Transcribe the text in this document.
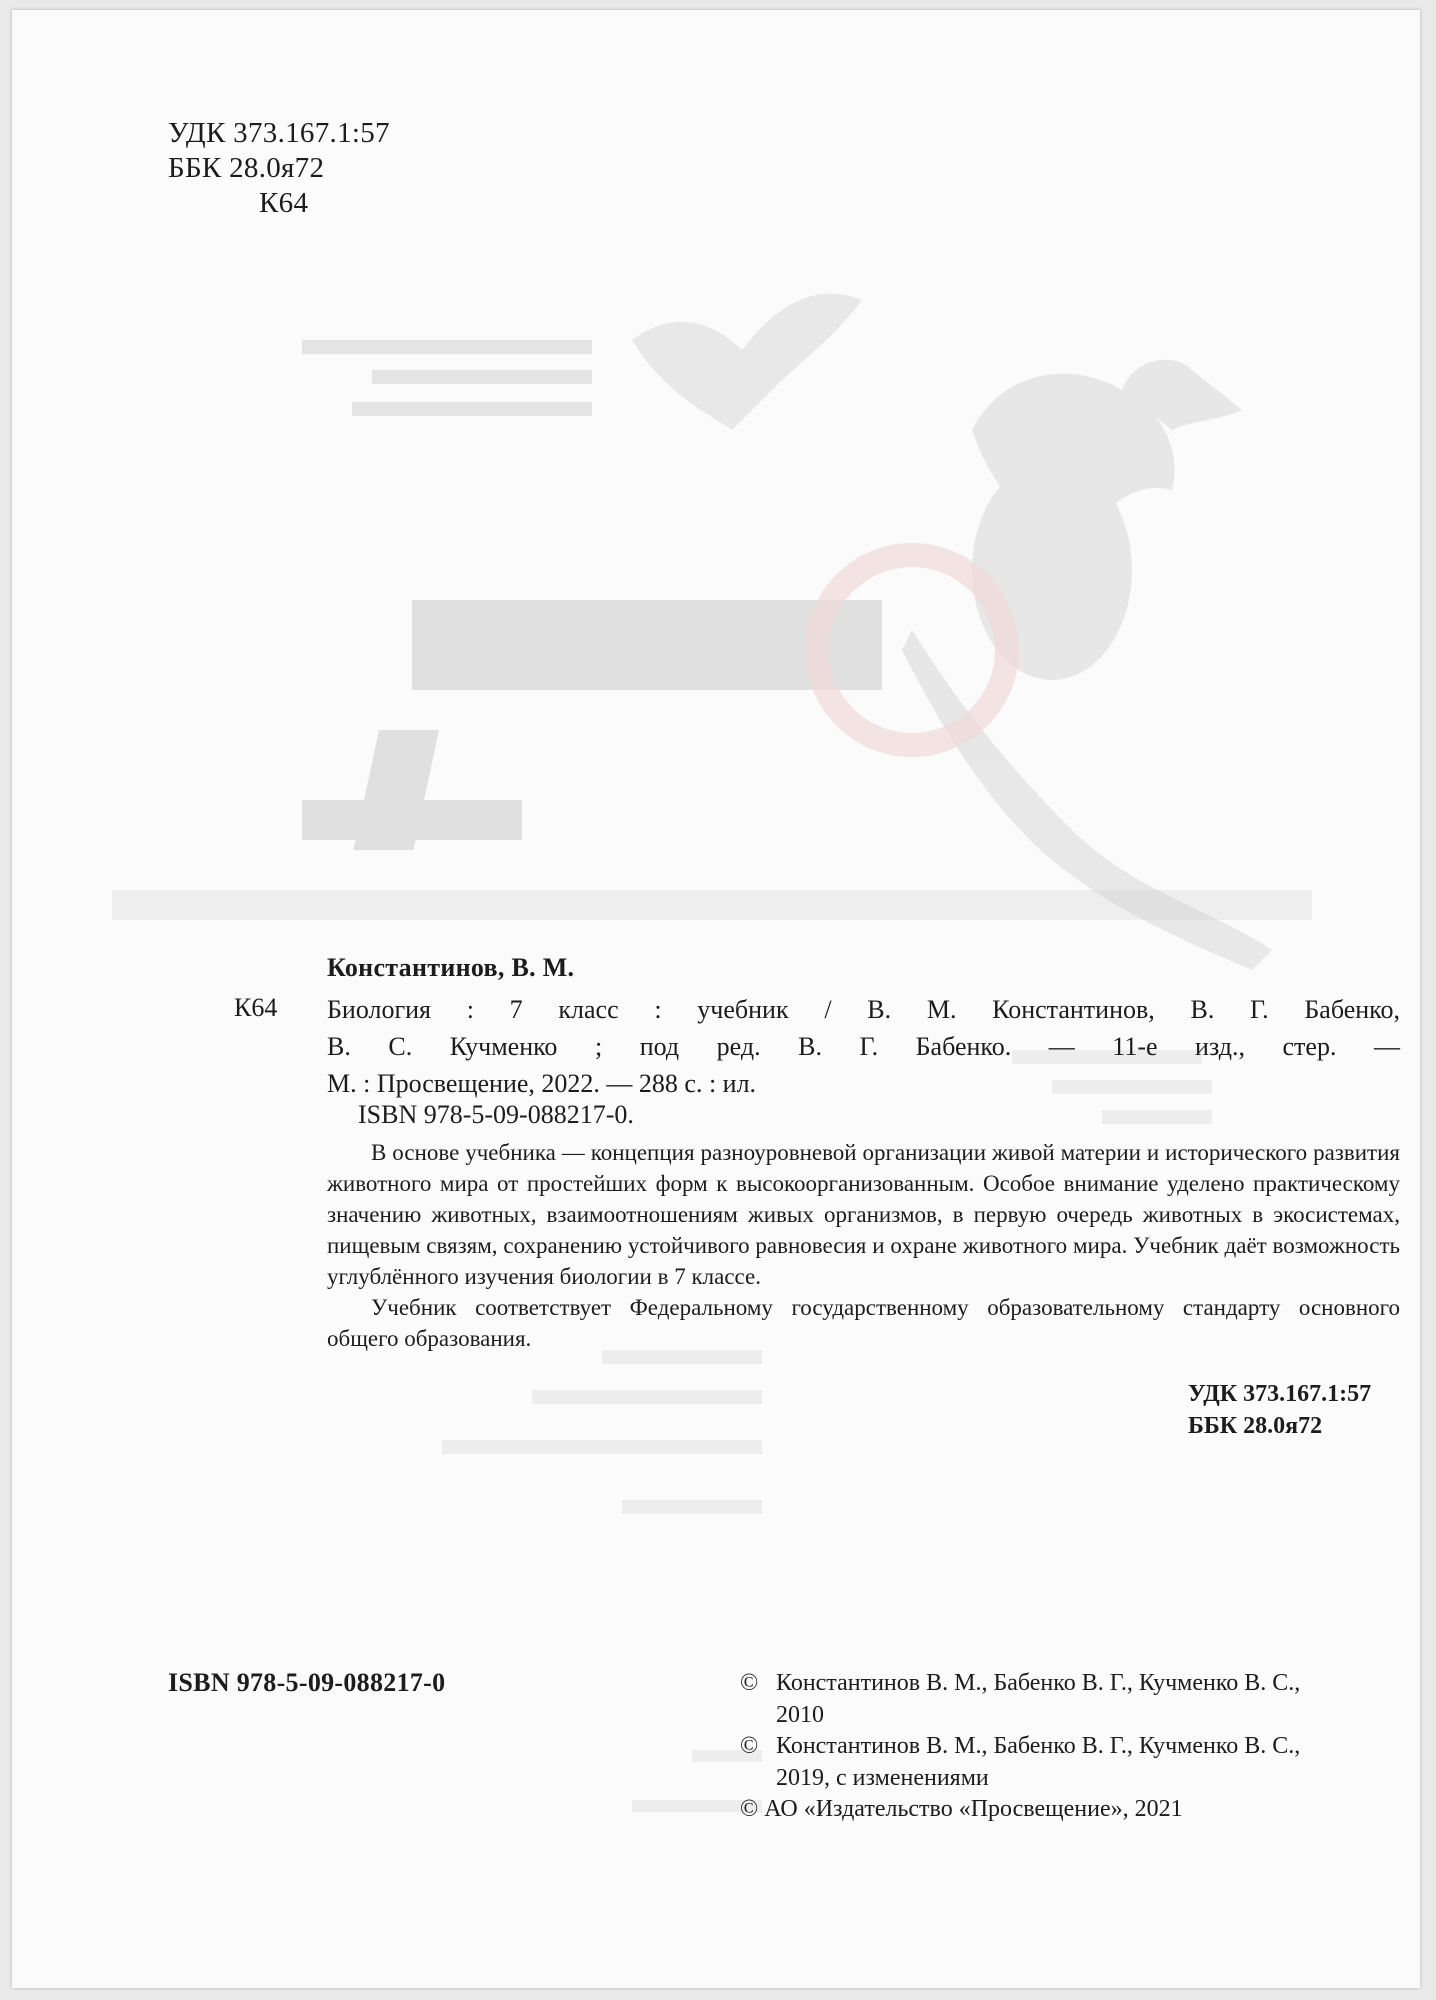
УДК 373.167.1:57
ББК 28.0я72
К64
К64
Константинов, В. М.

Биология : 7 класс : учебник / В. М. Константинов, В. Г. Бабенко,

В. С. Кучменко ; под ред. В. Г. Бабенко. — 11-е изд., стер. —

М. : Просвещение, 2022. — 288 с. : ил.

ISBN 978-5-09-088217-0.

В основе учебника — концепция разноуровневой организации живой материи и исторического развития животного мира от простейших форм к высокоорганизованным. Особое внимание уделено практическому значению животных, взаимоотношениям живых организмов, в первую очередь животных в экосистемах, пищевым связям, сохранению устойчивого равновесия и охране животного мира. Учебник даёт возможность углублённого изучения биологии в 7 классе.

Учебник соответствует Федеральному государственному образовательному стандарту основного общего образования.

УДК 373.167.1:57
ББК 28.0я72
ISBN 978-5-09-088217-0	© Константинов В. М., Бабенко В. Г., Кучменко В. С.,
2010
© Константинов В. М., Бабенко В. Г., Кучменко В. С.,
2019, с изменениями
© АО «Издательство «Просвещение», 2021
